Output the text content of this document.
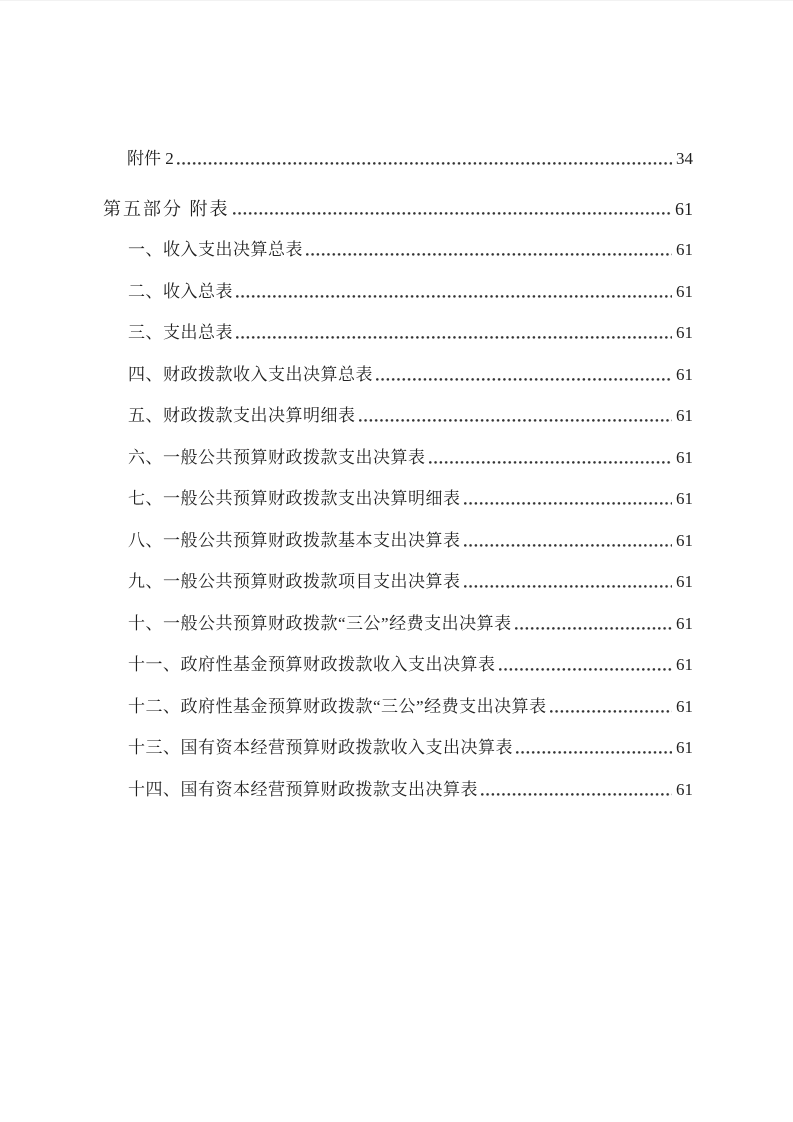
附件 2	34
第五部分 附表	61
一、收入支出决算总表	61
二、收入总表	61
三、支出总表	61
四、财政拨款收入支出决算总表	61
五、财政拨款支出决算明细表	61
六、一般公共预算财政拨款支出决算表	61
七、一般公共预算财政拨款支出决算明细表	61
八、一般公共预算财政拨款基本支出决算表	61
九、一般公共预算财政拨款项目支出决算表	61
十、一般公共预算财政拨款“三公”经费支出决算表	61
十一、政府性基金预算财政拨款收入支出决算表	61
十二、政府性基金预算财政拨款“三公”经费支出决算表	61
十三、国有资本经营预算财政拨款收入支出决算表	61
十四、国有资本经营预算财政拨款支出决算表	61
